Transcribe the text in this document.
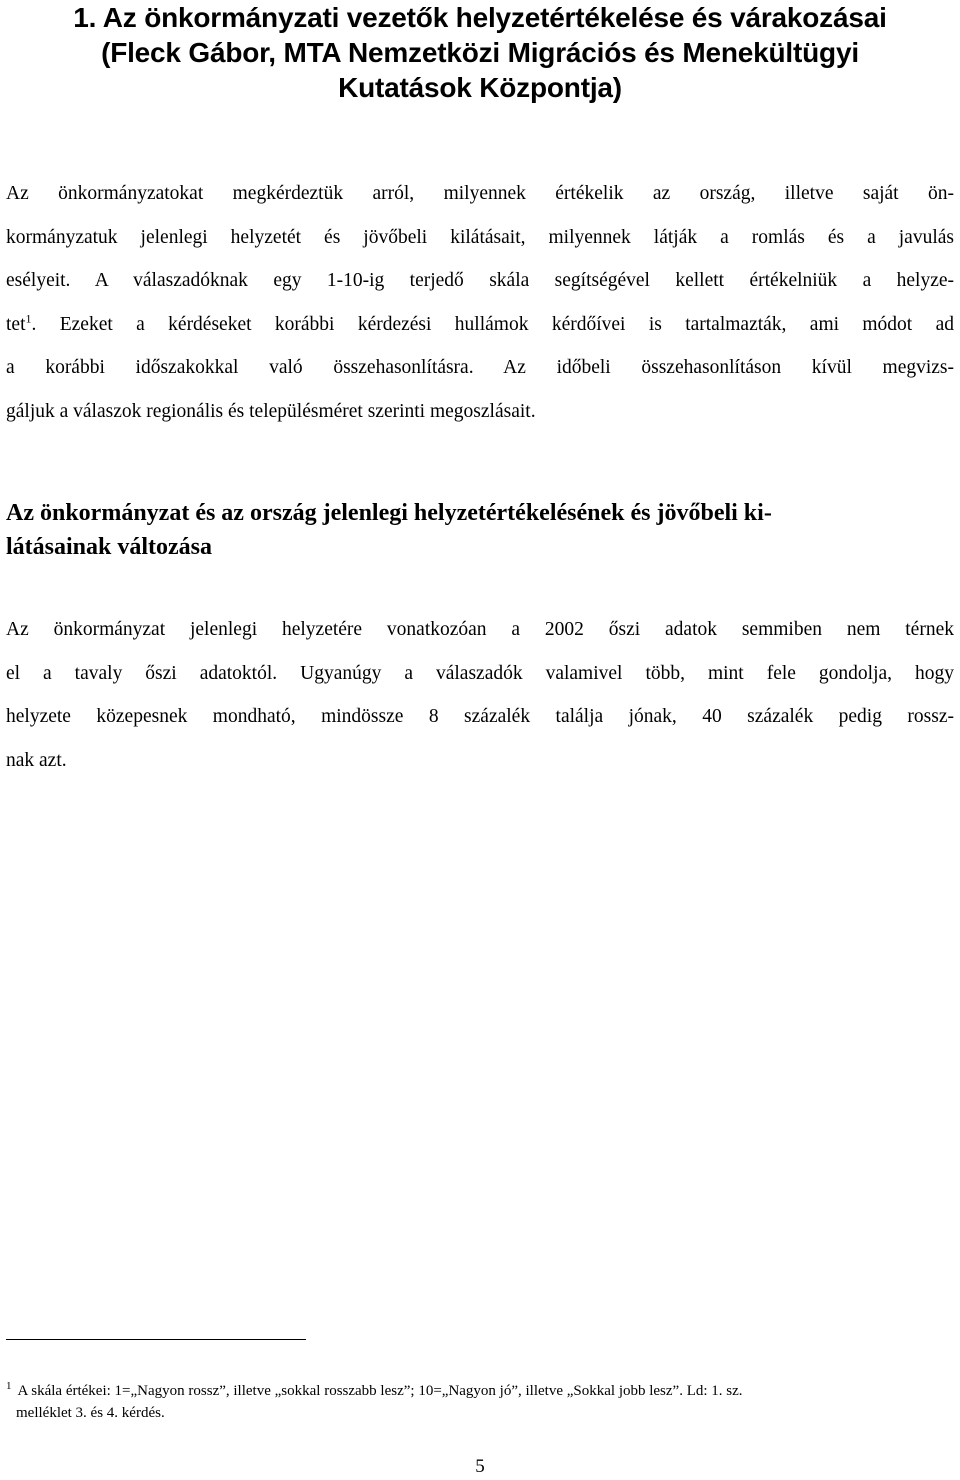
1. Az önkormányzati vezetők helyzetértékelése és várakozásai
(Fleck Gábor, MTA Nemzetközi Migrációs és Menekültügyi
Kutatások Központja)

Az önkormányzatokat megkérdeztük arról, milyennek értékelik az ország, illetve saját ön-
kormányzatuk jelenlegi helyzetét és jövőbeli kilátásait, milyennek látják a romlás és a javulás
esélyeit. A válaszadóknak egy 1-10-ig terjedő skála segítségével kellett értékelniük a helyze-
tet$^1$. Ezeket a kérdéseket korábbi kérdezési hullámok kérdőívei is tartalmazták, ami módot ad
a korábbi időszakokkal való összehasonlításra. Az időbeli összehasonlításon kívül megvizs-
gáljuk a válaszok regionális és településméret szerinti megoszlásait.

Az önkormányzat és az ország jelenlegi helyzetértékelésének és jövőbeli ki-
látásainak változása

Az önkormányzat jelenlegi helyzetére vonatkozóan a 2002 őszi adatok semmiben nem térnek
el a tavaly őszi adatoktól. Ugyanúgy a válaszadók valamivel több, mint fele gondolja, hogy
helyzete közepesnek mondható, mindössze 8 százalék találja jónak, 40 százalék pedig rossz-
nak azt.

$^1$ A skála értékei: 1=„Nagyon rossz”, illetve „sokkal rosszabb lesz”; 10=„Nagyon jó”, illetve „Sokkal jobb lesz”. Ld: 1. sz.
melléklet 3. és 4. kérdés.

5
